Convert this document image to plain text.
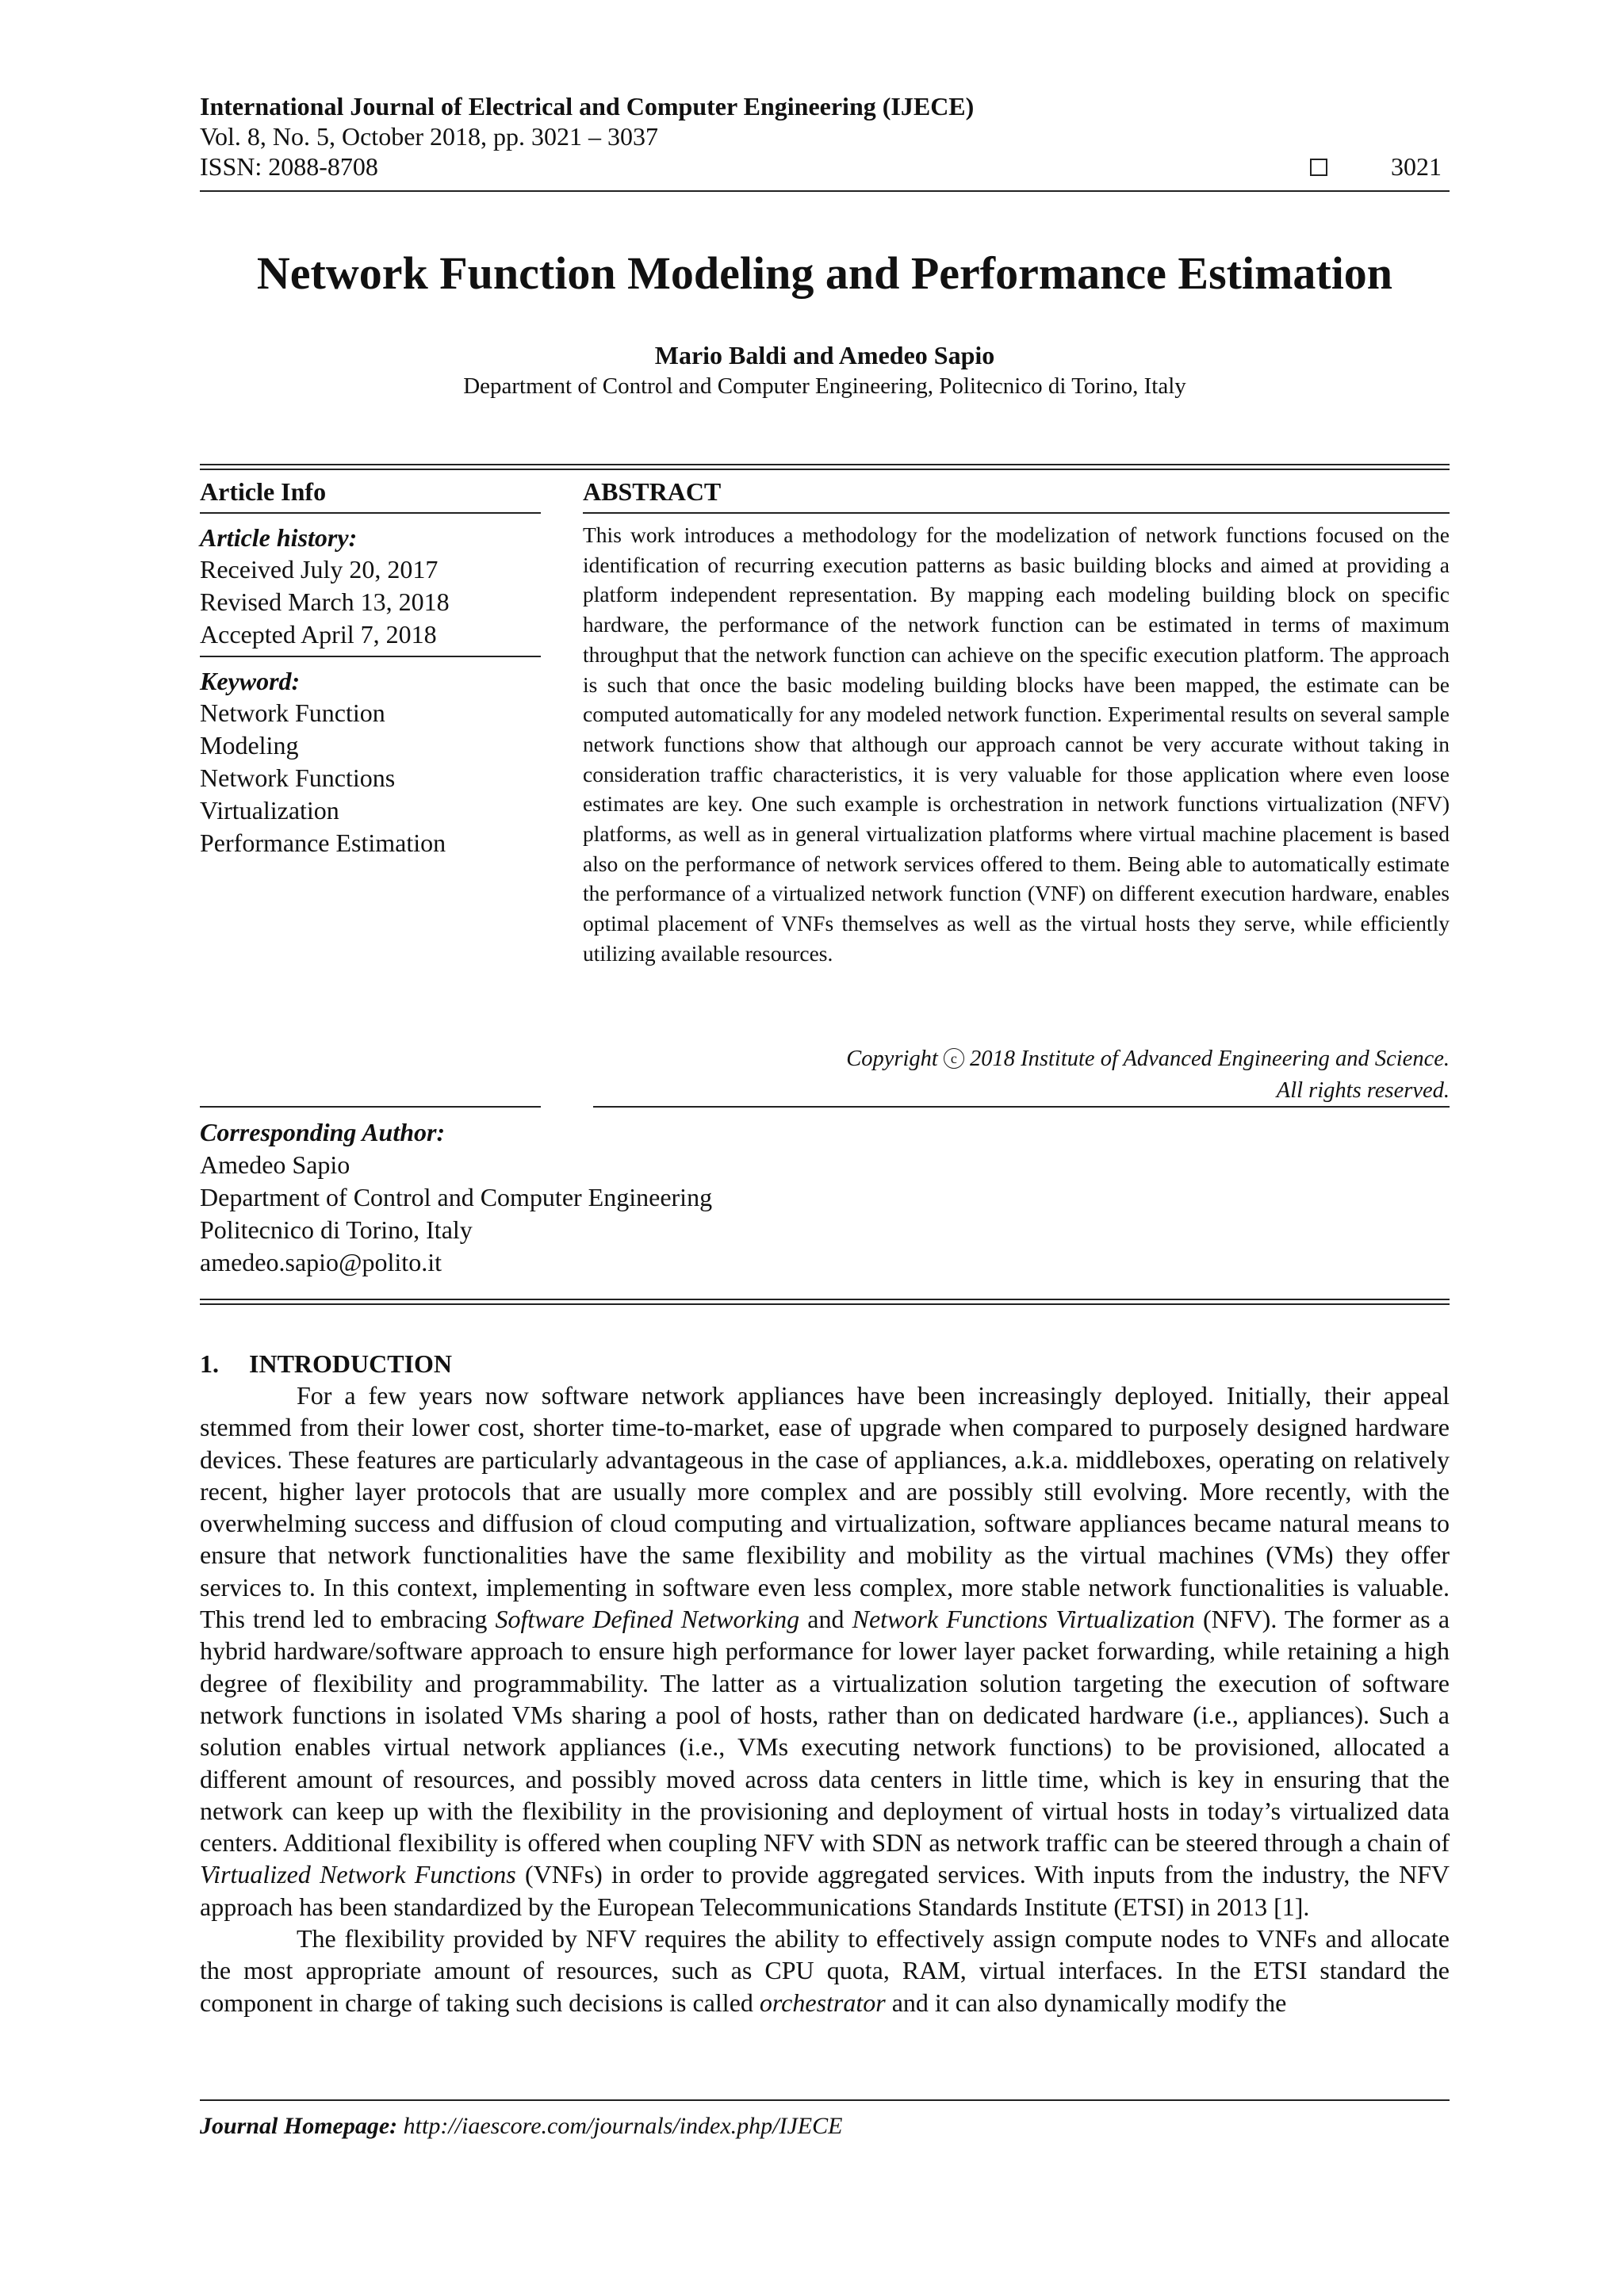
International Journal of Electrical and Computer Engineering (IJECE)
Vol. 8, No. 5, October 2018, pp. 3021 – 3037
ISSN: 2088-8708	3021
Network Function Modeling and Performance Estimation
Mario Baldi and Amedeo Sapio
Department of Control and Computer Engineering, Politecnico di Torino, Italy
Article Info
Article history:
Received July 20, 2017
Revised March 13, 2018
Accepted April 7, 2018
Keyword:
Network Function
Modeling
Network Functions
Virtualization
Performance Estimation
ABSTRACT
This work introduces a methodology for the modelization of network functions focused on the identification of recurring execution patterns as basic building blocks and aimed at providing a platform independent representation. By mapping each modeling building block on specific hardware, the performance of the network function can be estimated in terms of maximum throughput that the network function can achieve on the specific execution platform. The approach is such that once the basic modeling building blocks have been mapped, the estimate can be computed automatically for any modeled network function. Experimental results on several sample network functions show that although our approach cannot be very accurate without taking in consideration traffic characteristics, it is very valuable for those application where even loose estimates are key. One such example is orchestration in network functions virtualization (NFV) platforms, as well as in general virtualization platforms where virtual machine placement is based also on the performance of network services offered to them. Being able to automatically estimate the performance of a virtualized network function (VNF) on different execution hardware, enables optimal placement of VNFs themselves as well as the virtual hosts they serve, while efficiently utilizing available resources.
Copyright c 2018 Institute of Advanced Engineering and Science.
All rights reserved.
Corresponding Author:
Amedeo Sapio
Department of Control and Computer Engineering
Politecnico di Torino, Italy
amedeo.sapio@polito.it
1. INTRODUCTION

For a few years now software network appliances have been increasingly deployed. Initially, their appeal stemmed from their lower cost, shorter time-to-market, ease of upgrade when compared to purposely designed hardware devices. These features are particularly advantageous in the case of appliances, a.k.a. middleboxes, operating on relatively recent, higher layer protocols that are usually more complex and are possibly still evolving. More recently, with the overwhelming success and diffusion of cloud computing and virtualization, software appliances became natural means to ensure that network functionalities have the same flexibility and mobility as the virtual machines (VMs) they offer services to. In this context, implementing in software even less complex, more stable network functionalities is valuable. This trend led to embracing Software Defined Networking and Network Functions Virtualization (NFV). The former as a hybrid hardware/software approach to ensure high performance for lower layer packet forwarding, while retaining a high degree of flexibility and programmability. The latter as a virtualization solution targeting the execution of software network functions in isolated VMs sharing a pool of hosts, rather than on dedicated hardware (i.e., appliances). Such a solution enables virtual network appliances (i.e., VMs executing network functions) to be provisioned, allocated a different amount of resources, and possibly moved across data centers in little time, which is key in ensuring that the network can keep up with the flexibility in the provisioning and deployment of virtual hosts in today’s virtualized data centers. Additional flexibility is offered when coupling NFV with SDN as network traffic can be steered through a chain of Virtualized Network Functions (VNFs) in order to provide aggregated services. With inputs from the industry, the NFV approach has been standardized by the European Telecommunications Standards Institute (ETSI) in 2013 [1].

The flexibility provided by NFV requires the ability to effectively assign compute nodes to VNFs and allocate the most appropriate amount of resources, such as CPU quota, RAM, virtual interfaces. In the ETSI standard the component in charge of taking such decisions is called orchestrator and it can also dynamically modify the

Journal Homepage: http://iaescore.com/journals/index.php/IJECE
